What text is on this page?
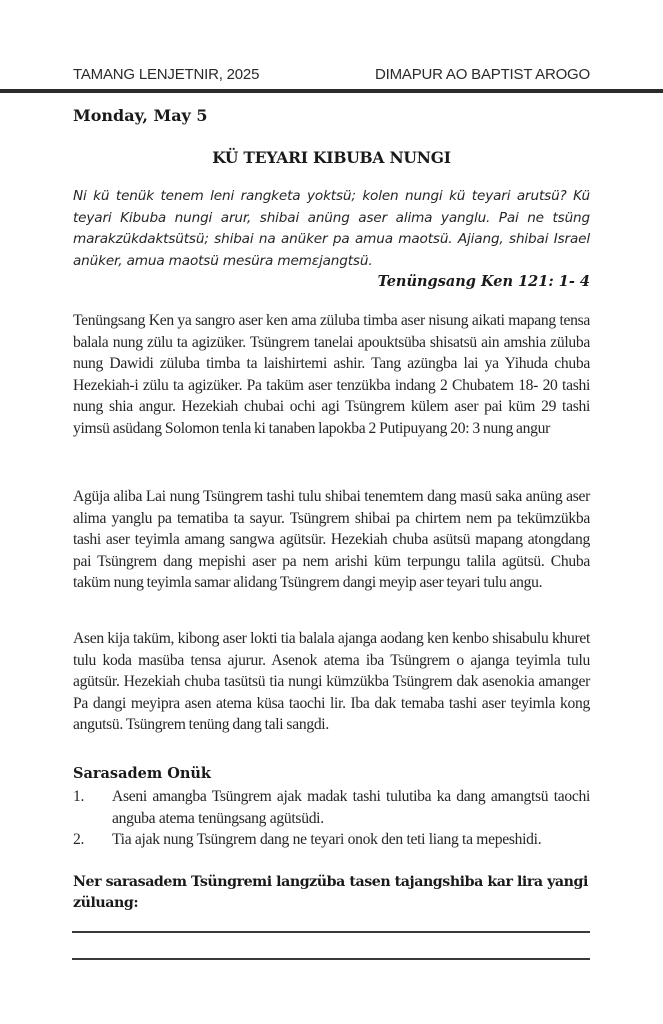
TAMANG LENJETNIR, 2025	DIMAPUR AO BAPTIST AROGO
Monday, May 5
KÜ TEYARI KIBUBA NUNGI
Ni kü tenük tenem leni rangketa yoktsü; kolen nungi kü teyari arutsü? Kü teyari Kibuba nungi arur, shibai anüng aser alima yanglu. Pai ne tsüng marakzükdaktsütsü; shibai na anüker pa amua maotsü. Ajiang, shibai Israel anüker, amua maotsü mesüra memɛjangtsü.
Tenüngsang Ken 121: 1- 4

Tenüngsang Ken ya sangro aser ken ama züluba timba aser nisung aikati mapang tensa balala nung zülu ta agizüker. Tsüngrem tanelai apouktsüba shisatsü ain amshia züluba nung Dawidi züluba timba ta laishirtemi ashir. Tang azüngba lai ya Yihuda chuba Hezekiah-i zülu ta agizüker. Pa taküm aser tenzükba indang 2 Chubatem 18- 20 tashi nung shia angur. Hezekiah chubai ochi agi Tsüngrem külem aser pai küm 29 tashi yimsü asüdang Solomon tenla ki tanaben lapokba 2 Putipuyang 20: 3 nung angur

Agüja aliba Lai nung Tsüngrem tashi tulu shibai tenemtem dang masü saka anüng aser alima yanglu pa tematiba ta sayur. Tsüngrem shibai pa chirtem nem pa tekümzükba tashi aser teyimla amang sangwa agütsür. Hezekiah chuba asütsü mapang atongdang pai Tsüngrem dang mepishi aser pa nem arishi küm terpungu talila agütsü. Chuba taküm nung teyimla samar alidang Tsüngrem dangi meyip aser teyari tulu angu.

Asen kija taküm, kibong aser lokti tia balala ajanga aodang ken kenbo shisabulu khuret tulu koda masüba tensa ajurur. Asenok atema iba Tsüngrem o ajanga teyimla tulu agütsür. Hezekiah chuba tasütsü tia nungi kümzükba Tsüngrem dak asenokia amanger Pa dangi meyipra asen atema küsa taochi lir. Iba dak temaba tashi aser teyimla kong angutsü. Tsüngrem tenüng dang tali sangdi.

Sarasadem Onük
1.	Aseni amangba Tsüngrem ajak madak tashi tulutiba ka dang amangtsü taochi anguba atema tenüngsang agütsüdi.
2.	Tia ajak nung Tsüngrem dang ne teyari onok den teti liang ta mepeshidi.
Ner sarasadem Tsüngremi langzüba tasen tajangshiba kar lira yangi züluang:
